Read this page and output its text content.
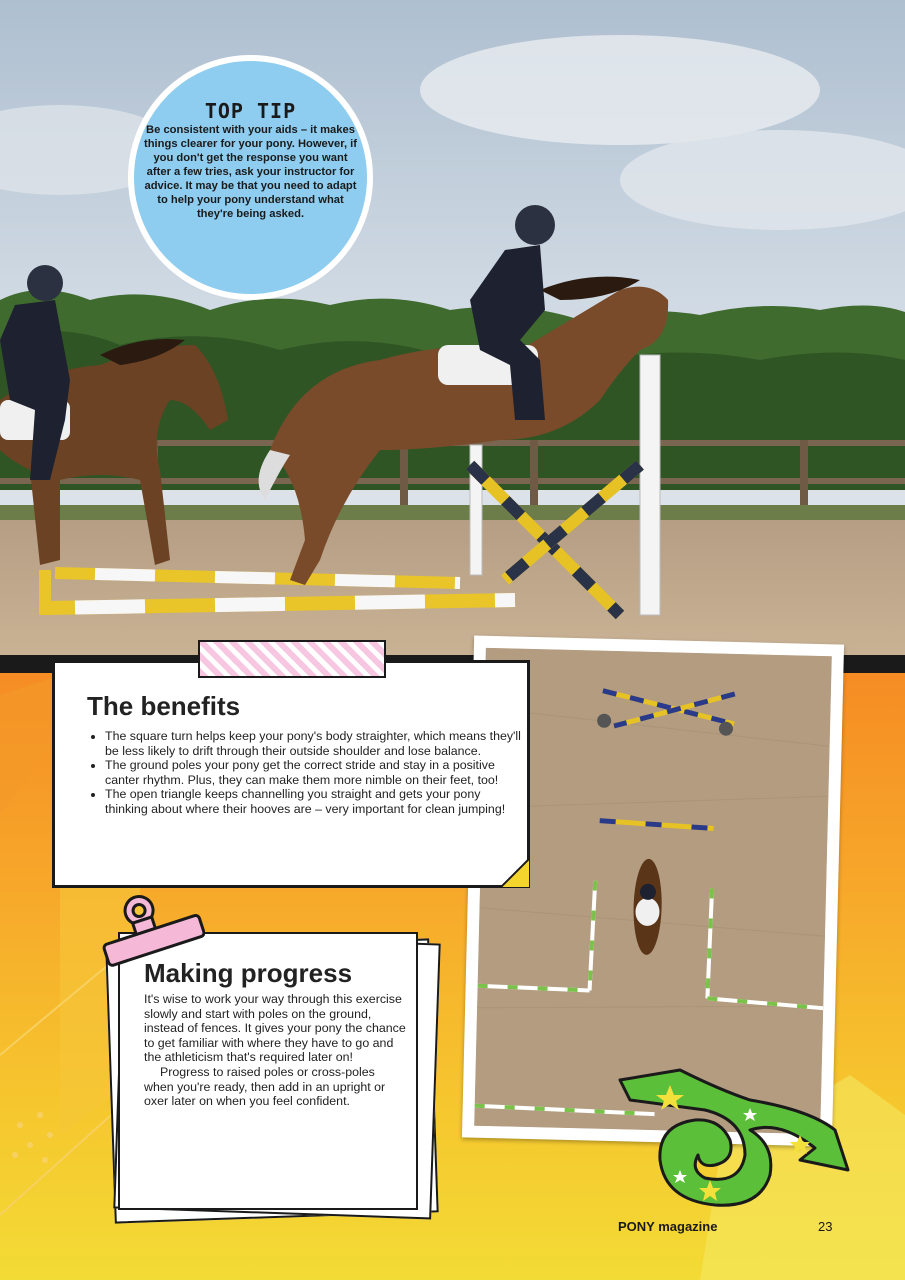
TOP TIP
Be consistent with your aids – it makes things clearer for your pony. However, if you don't get the response you want after a few tries, ask your instructor for advice. It may be that you need to adapt to help your pony understand what they're being asked.
The benefits
• The square turn helps keep your pony's body straighter, which means they'll be less likely to drift through their outside shoulder and lose balance.
• The ground poles your pony get the correct stride and stay in a positive canter rhythm. Plus, they can make them more nimble on their feet, too!
• The open triangle keeps channelling you straight and gets your pony thinking about where their hooves are – very important for clean jumping!
Making progress

It's wise to work your way through this exercise slowly and start with poles on the ground, instead of fences. It gives your pony the chance to get familiar with where they have to go and the athleticism that's required later on!

Progress to raised poles or cross-poles when you're ready, then add in an upright or oxer later on when you feel confident.

PONY magazine	23
